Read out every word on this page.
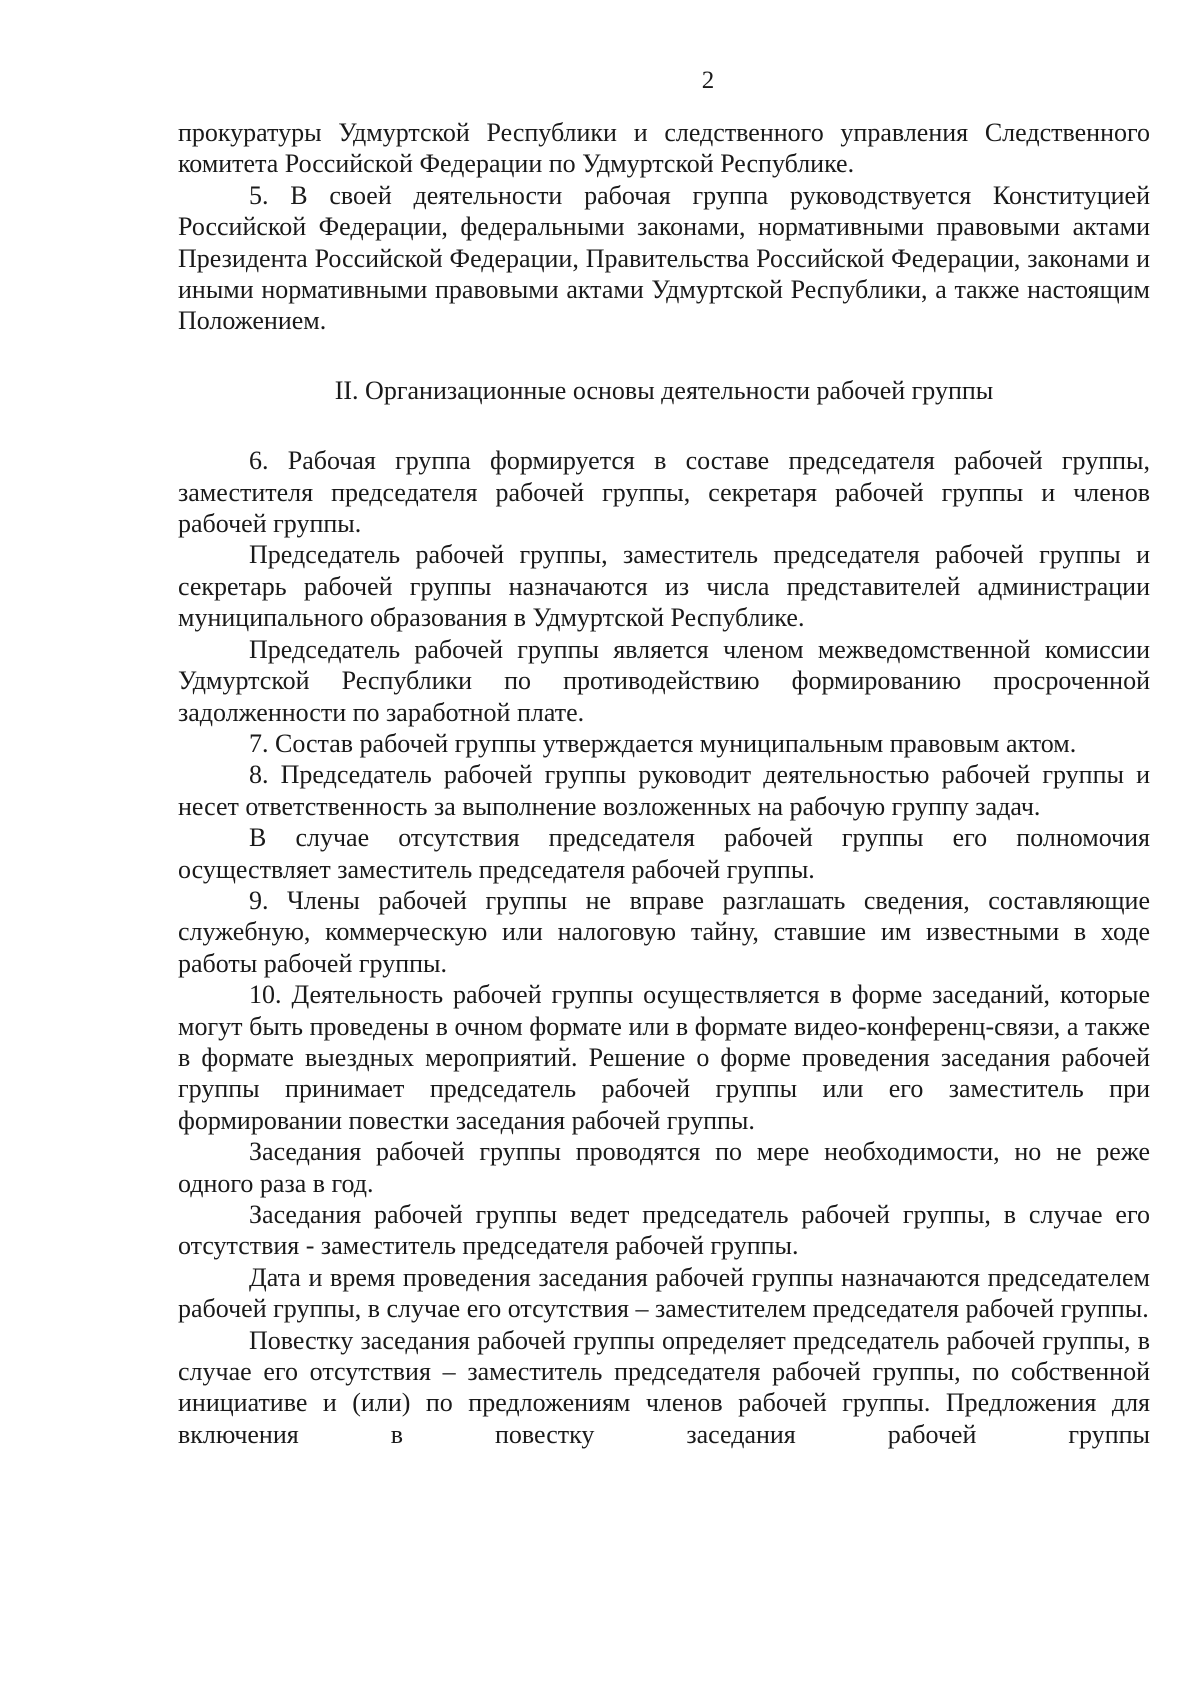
2

прокуратуры Удмуртской Республики и следственного управления Следственного комитета Российской Федерации по Удмуртской Республике.

5. В своей деятельности рабочая группа руководствуется Конституцией Российской Федерации, федеральными законами, нормативными правовыми актами Президента Российской Федерации, Правительства Российской Федерации, законами и иными нормативными правовыми актами Удмуртской Республики, а также настоящим Положением.

II. Организационные основы деятельности рабочей группы

6. Рабочая группа формируется в составе председателя рабочей группы, заместителя председателя рабочей группы, секретаря рабочей группы и членов рабочей группы.

Председатель рабочей группы, заместитель председателя рабочей группы и секретарь рабочей группы назначаются из числа представителей администрации муниципального образования в Удмуртской Республике.

Председатель рабочей группы является членом межведомственной комиссии Удмуртской Республики по противодействию формированию просроченной задолженности по заработной плате.

7. Состав рабочей группы утверждается муниципальным правовым актом.

8. Председатель рабочей группы руководит деятельностью рабочей группы и несет ответственность за выполнение возложенных на рабочую группу задач.

В случае отсутствия председателя рабочей группы его полномочия осуществляет заместитель председателя рабочей группы.

9. Члены рабочей группы не вправе разглашать сведения, составляющие служебную, коммерческую или налоговую тайну, ставшие им известными в ходе работы рабочей группы.

10. Деятельность рабочей группы осуществляется в форме заседаний, которые могут быть проведены в очном формате или в формате видео-конференц-связи, а также в формате выездных мероприятий. Решение о форме проведения заседания рабочей группы принимает председатель рабочей группы или его заместитель при формировании повестки заседания рабочей группы.

Заседания рабочей группы проводятся по мере необходимости, но не реже одного раза в год.

Заседания рабочей группы ведет председатель рабочей группы, в случае его отсутствия - заместитель председателя рабочей группы.

Дата и время проведения заседания рабочей группы назначаются председателем рабочей группы, в случае его отсутствия – заместителем председателя рабочей группы.

Повестку заседания рабочей группы определяет председатель рабочей группы, в случае его отсутствия – заместитель председателя рабочей группы, по собственной инициативе и (или) по предложениям членов рабочей группы. Предложения для включения в повестку заседания рабочей группы
